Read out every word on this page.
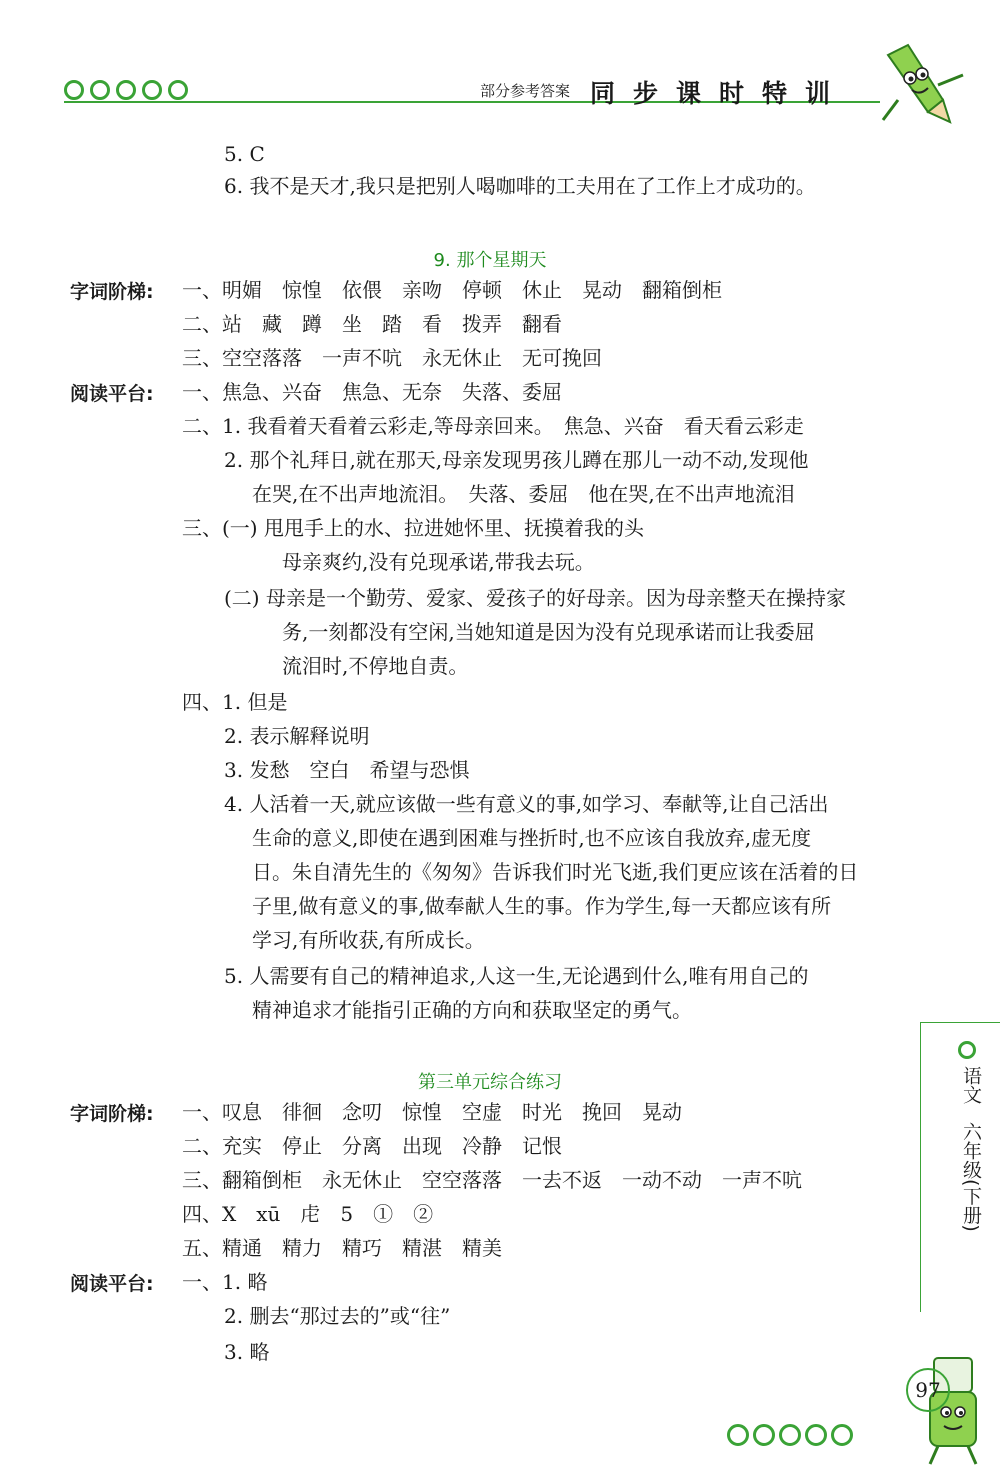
部分参考答案 同步课时特训
5. C
6. 我不是天才,我只是把别人喝咖啡的工夫用在了工作上才成功的。
9. 那个星期天
字词阶梯: 一、明媚　惊惶　依偎　亲吻　停顿　休止　晃动　翻箱倒柜
二、站　藏　蹲　坐　踏　看　拨弄　翻看
三、空空落落　一声不吭　永无休止　无可挽回
阅读平台: 一、焦急、兴奋　焦急、无奈　失落、委屈
二、1. 我看着天看着云彩走,等母亲回来。　焦急、兴奋　看天看云彩走
2. 那个礼拜日,就在那天,母亲发现男孩儿蹲在那儿一动不动,发现他
在哭,在不出声地流泪。　失落、委屈　他在哭,在不出声地流泪
三、(一) 甩甩手上的水、拉进她怀里、抚摸着我的头
母亲爽约,没有兑现承诺,带我去玩。
(二) 母亲是一个勤劳、爱家、爱孩子的好母亲。因为母亲整天在操持家
务,一刻都没有空闲,当她知道是因为没有兑现承诺而让我委屈
流泪时,不停地自责。
四、1. 但是
2. 表示解释说明
3. 发愁　空白　希望与恐惧
4. 人活着一天,就应该做一些有意义的事,如学习、奉献等,让自己活出
生命的意义,即使在遇到困难与挫折时,也不应该自我放弃,虚无度
日。朱自清先生的《匆匆》告诉我们时光飞逝,我们更应该在活着的日
子里,做有意义的事,做奉献人生的事。作为学生,每一天都应该有所
学习,有所收获,有所成长。
5. 人需要有自己的精神追求,人这一生,无论遇到什么,唯有用自己的
精神追求才能指引正确的方向和获取坚定的勇气。
第三单元综合练习
字词阶梯: 一、叹息　徘徊　念叨　惊惶　空虚　时光　挽回　晃动
二、充实　停止　分离　出现　冷静　记恨
三、翻箱倒柜　永无休止　空空落落　一去不返　一动不动　一声不吭
四、X　xū　虍　5　①　②
五、精通　精力　精巧　精湛　精美
阅读平台: 一、1. 略
2. 删去“那过去的”或“往”
3. 略
语文
六年级(下册)
97
